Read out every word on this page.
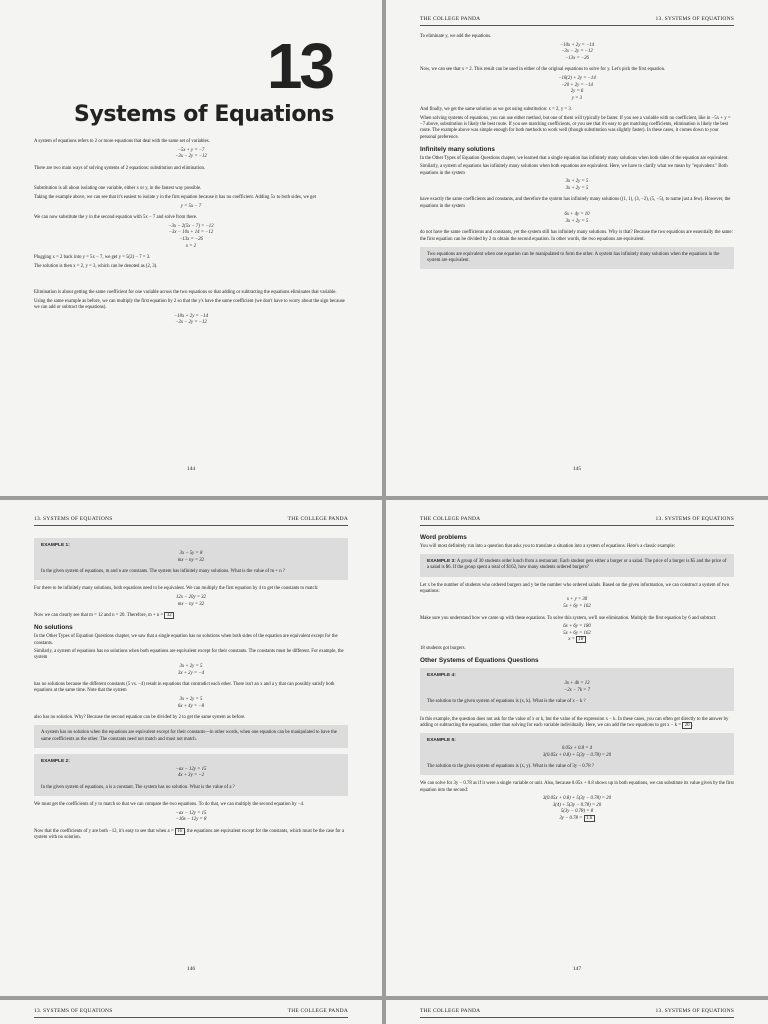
13
Systems of Equations

A system of equations refers to 2 or more equations that deal with the same set of variables.

−5x + y = −7
−3x − 2y = −12

There are two main ways of solving systems of 2 equations: substitution and elimination.

Substitution is all about isolating one variable, either x or y, in the fastest way possible.

Taking the example above, we can see that it's easiest to isolate y in the first equation because it has no coefficient. Adding 5x to both sides, we get

y = 5x − 7

We can now substitute the y in the second equation with 5x − 7 and solve from there.

−3x − 2(5x − 7) = −12
−3x − 10x + 14 = −12
−13x = −26
x = 2

Plugging x = 2 back into y = 5x − 7, we get y = 5(2) − 7 = 3.

The solution is then x = 2, y = 3, which can be denoted as (2, 3).

Elimination is about getting the same coefficient for one variable across the two equations so that adding or subtracting the equations eliminates that variable.

Using the same example as before, we can multiply the first equation by 2 so that the y's have the same coefficient (we don't have to worry about the sign because we can add or subtract the equations).

−10x + 2y = −14
−3x − 2y = −12
144
THE COLLEGE PANDA	13. SYSTEMS OF EQUATIONS

To eliminate y, we add the equations.

−10x + 2y = −14
−3x − 2y = −12
−13x = −26

Now, we can see that x = 2. This result can be used in either of the original equations to solve for y. Let's pick the first equation.

−10(2) + 2y = −14
−20 + 2y = −14
2y = 6
y = 3

And finally, we get the same solution as we got using substitution: x = 2, y = 3.

When solving systems of equations, you can use either method, but one of them will typically be faster. If you see a variable with no coefficient, like in −5x + y = −7 above, substitution is likely the best route. If you see matching coefficients, or you see that it's easy to get matching coefficients, elimination is likely the best route. The example above was simple enough for both methods to work well (though substitution was slightly faster). In these cases, it comes down to your personal preference.

Infinitely many solutions

In the Other Types of Equation Questions chapter, we learned that a single equation has infinitely many solutions when both sides of the equation are equivalent.

Similarly, a system of equations has infinitely many solutions when both equations are equivalent. Here, we have to clarify what we mean by "equivalent." Both equations in the system

3x + 2y = 5
3x + 2y = 5

have exactly the same coefficients and constants, and therefore the system has infinitely many solutions ((1, 1), (3, −2), (5, −5), to name just a few). However, the equations in the system

6x + 4y = 10
3x + 2y = 5

do not have the same coefficients and constants, yet the system still has infinitely many solutions. Why is that? Because the two equations are essentially the same: the first equation can be divided by 2 to obtain the second equation. In other words, the two equations are equivalent.

Two equations are equivalent when one equation can be manipulated to form the other. A system has infinitely many solutions when the equations in the system are equivalent.

145
13. SYSTEMS OF EQUATIONS	THE COLLEGE PANDA
EXAMPLE 1:
3x − 5y = 8
mx − ny = 32

In the given system of equations, m and n are constants. The system has infinitely many solutions. What is the value of m + n ?

For there to be infinitely many solutions, both equations need to be equivalent. We can multiply the first equation by 4 to get the constants to match:

12x − 20y = 32
mx − ny = 32

Now we can clearly see that m = 12 and n = 20. Therefore, m + n = 32

No solutions

In the Other Types of Equation Questions chapter, we saw that a single equation has no solutions when both sides of the equation are equivalent except for the constants.

Similarly, a system of equations has no solutions when both equations are equivalent except for their constants. The constants must be different. For example, the system

3x + 2y = 5
3x + 2y = −4

has no solutions because the different constants (5 vs. −4) result in equations that contradict each other. There isn't an x and a y that can possibly satisfy both equations at the same time. Note that the system

3x + 2y = 5
6x + 4y = −8

also has no solution. Why? Because the second equation can be divided by 2 to get the same system as before.

A system has no solution when the equations are equivalent except for their constants—in other words, when one equation can be manipulated to have the same coefficients as the other. The constants need not match and must not match.

EXAMPLE 2:
−ax − 12y = 15
4x + 3y = −2

In the given system of equations, a is a constant. The system has no solution. What is the value of a ?

We must get the coefficients of y to match so that we can compare the two equations. To do that, we can multiply the second equation by −4.

−ax − 12y = 15
−16x − 12y = 8

Now that the coefficients of y are both −12, it's easy to see that when a = 16 , the equations are equivalent except for the constants, which must be the case for a system with no solution.

146
THE COLLEGE PANDA	13. SYSTEMS OF EQUATIONS
Word problems

You will most definitely run into a question that asks you to translate a situation into a system of equations. Here's a classic example:

EXAMPLE 3: A group of 30 students order lunch from a restaurant. Each student gets either a burger or a salad. The price of a burger is $5 and the price of a salad is $6. If the group spent a total of $162, how many students ordered burgers?

Let x be the number of students who ordered burgers and y be the number who ordered salads. Based on the given information, we can construct a system of two equations:

x + y = 30
5x + 6y = 162

Make sure you understand how we came up with these equations. To solve this system, we'll use elimination. Multiply the first equation by 6 and subtract:

6x + 6y = 180
5x + 6y = 162
x = 18

18 students got burgers.

Other Systems of Equations Questions
EXAMPLE 4:
3x + 4k = 13
−2x − 7k = 7

The solution to the given system of equations is (x, k). What is the value of x − k ?

In this example, the question does not ask for the value of x or k, but the value of the expression x − k. In these cases, you can often get directly to the answer by adding or subtracting the equations, rather than solving for each variable individually. Here, we can add the two equations to get x − k = 20 .

EXAMPLE 5:
0.05x + 0.8 = 4
3(0.05x + 0.8) + 5(3y − 0.78) = 20

The solution to the given system of equations is (x, y). What is the value of 3y − 0.78 ?

We can solve for 3y − 0.78 as if it were a single variable or unit. Also, because 0.05x + 0.8 shows up in both equations, we can substitute its value given by the first equation into the second:

3(0.05x + 0.8) + 5(3y − 0.78) = 20
3(4) + 5(3y − 0.78) = 20
5(3y − 0.78) = 8
3y − 0.78 = 1.6
147
13. SYSTEMS OF EQUATIONS	THE COLLEGE PANDA	THE COLLEGE PANDA	13. SYSTEMS OF EQUATIONS
